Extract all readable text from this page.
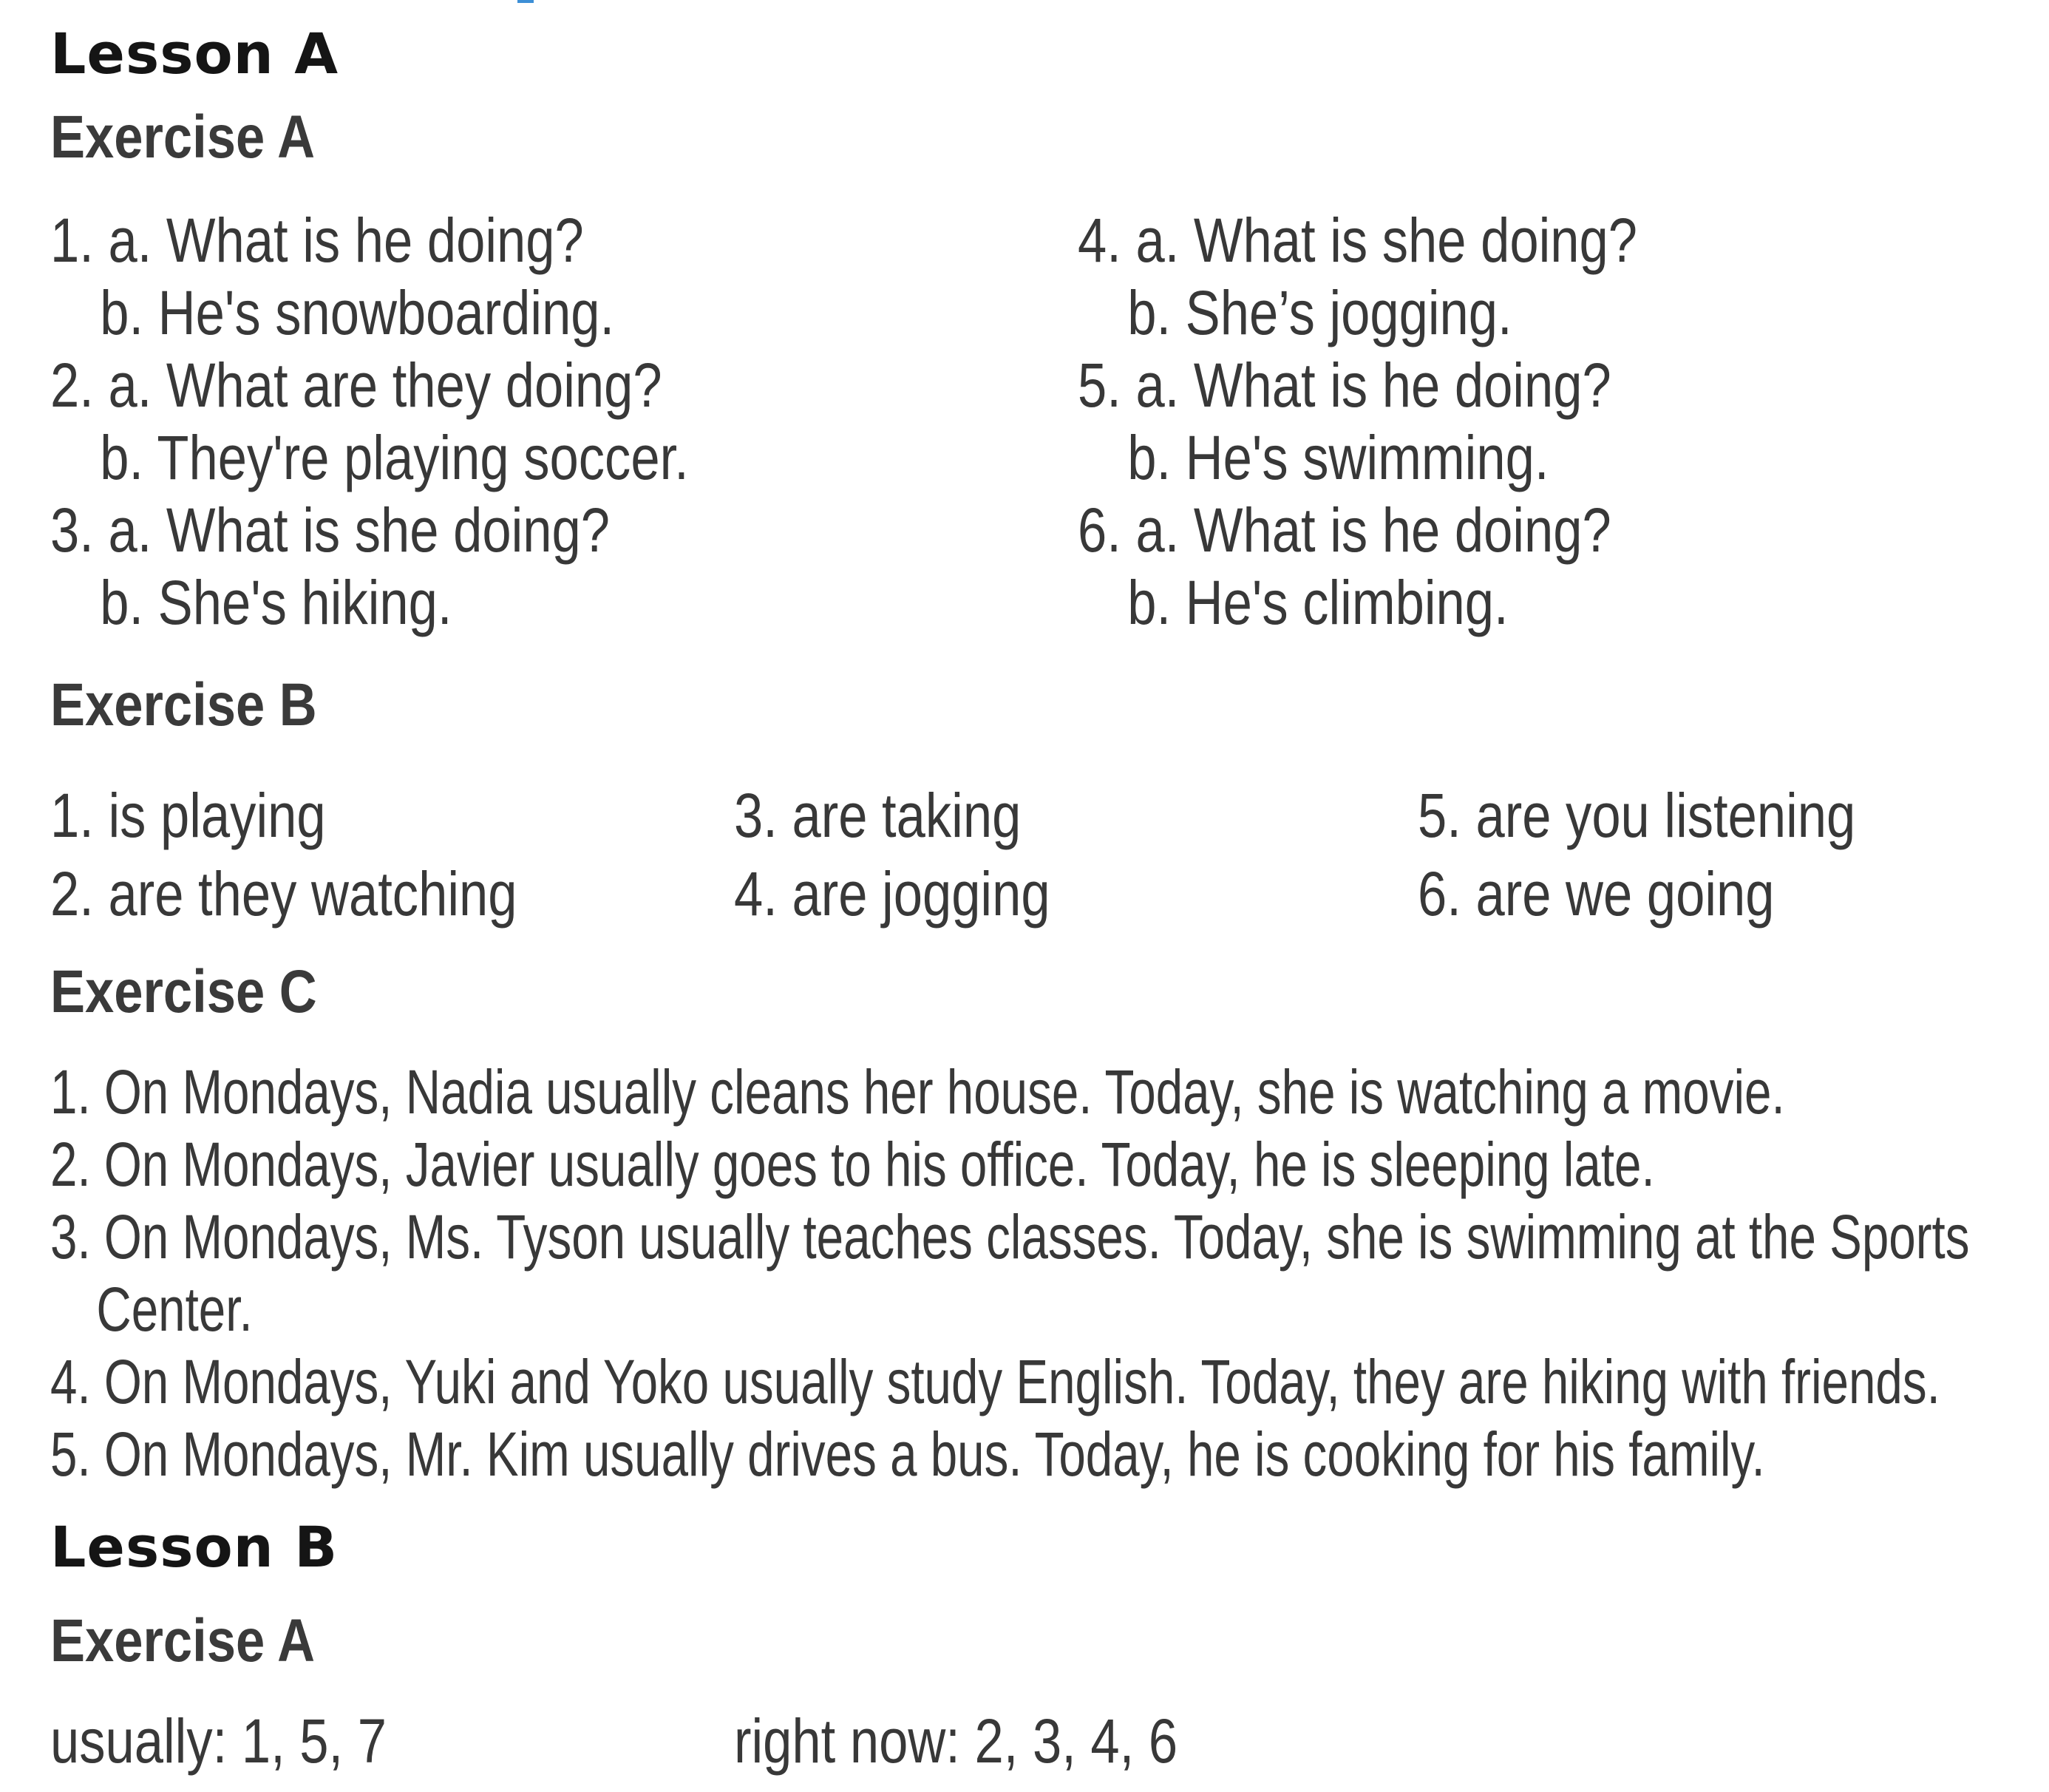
Lesson A
Exercise A
1. a. What is he doing?
b. He's snowboarding.
2. a. What are they doing?
b. They're playing soccer.
3. a. What is she doing?
b. She's hiking.
4. a. What is she doing?
b. She’s jogging.
5. a. What is he doing?
b. He's swimming.
6. a. What is he doing?
b. He's climbing.
Exercise B
1. is playing
2. are they watching
3. are taking
4. are jogging
5. are you listening
6. are we going
Exercise C
1. On Mondays, Nadia usually cleans her house. Today, she is watching a movie.
2. On Mondays, Javier usually goes to his office. Today, he is sleeping late.
3. On Mondays, Ms. Tyson usually teaches classes. Today, she is swimming at the Sports
Center.
4. On Mondays, Yuki and Yoko usually study English. Today, they are hiking with friends.
5. On Mondays, Mr. Kim usually drives a bus. Today, he is cooking for his family.
Lesson B
Exercise A
usually: 1, 5, 7	right now: 2, 3, 4, 6
